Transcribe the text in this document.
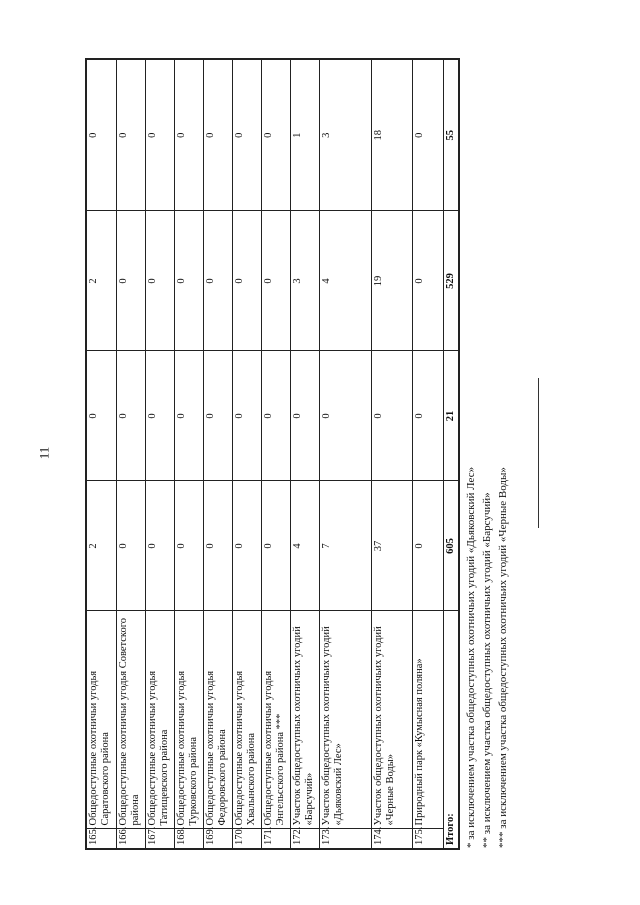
11
165.	Общедоступные охотничьи угодья Саратовского района	2	0	2	0
166.	Общедоступные охотничьи угодья Советского района	0	0	0	0
167.	Общедоступные охотничьи угодья Татищевского района	0	0	0	0
168.	Общедоступные охотничьи угодья Турковского района	0	0	0	0
169.	Общедоступные охотничьи угодья Федоровского района	0	0	0	0
170.	Общедоступные охотничьи угодья Хвалынского района	0	0	0	0
171.	Общедоступные охотничьи угодья Энгельсского района ***	0	0	0	0
172.	Участок общедоступных охотничьих угодий «Барсучий»	4	0	3	1
173.	Участок общедоступных охотничьих угодий «Дьяковский Лес»	7	0	4	3
174.	Участок общедоступных охотничьих угодий «Черные Воды»	37	0	19	18
175.	Природный парк «Кумысная поляна»	0	0	0	0
Итого:		605	21	529	55
* за исключением участка общедоступных охотничьих угодий «Дьяковский Лес» ** за исключением участка общедоступных охотничьих угодий «Барсучий» *** за исключением участка общедоступных охотничьих угодий «Черные Воды»
